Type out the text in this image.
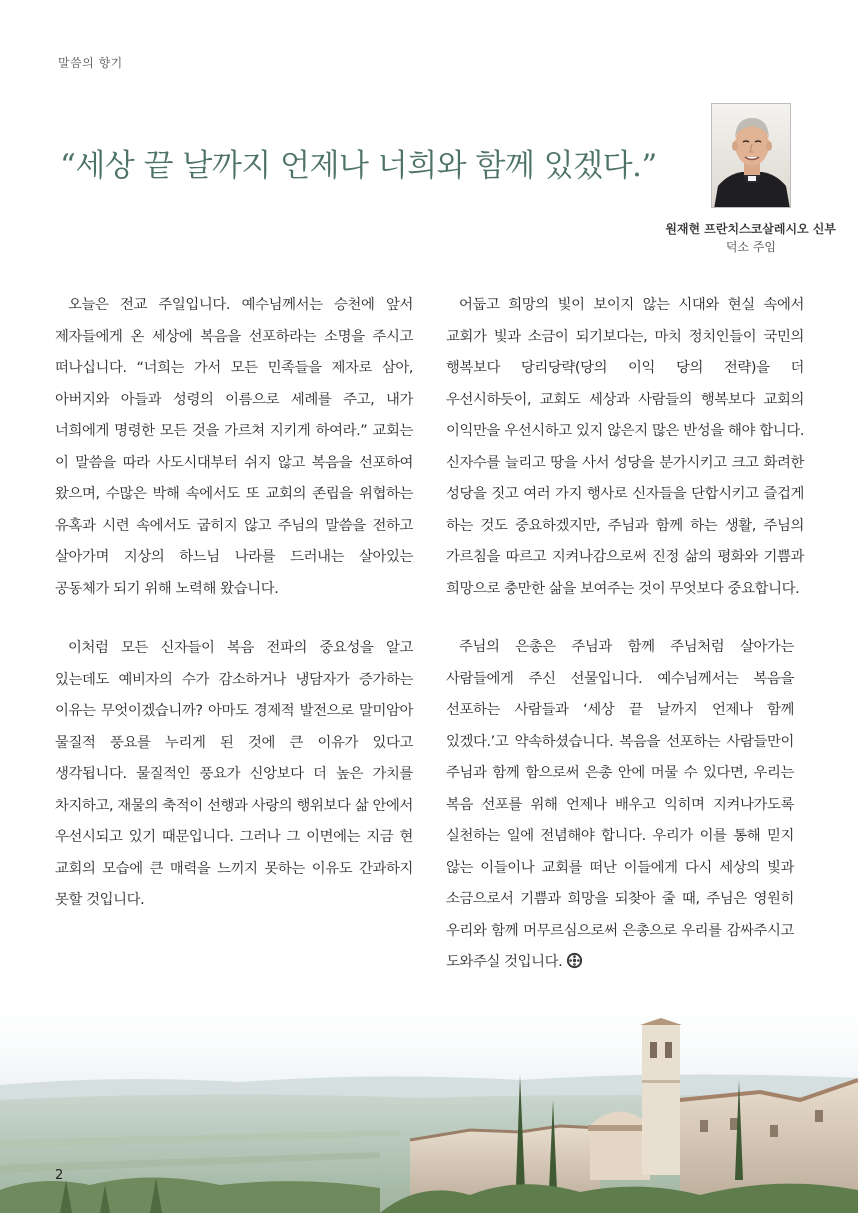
말씀의 향기
“세상 끝 날까지 언제나 너희와 함께 있겠다.”
원재현 프란치스코살레시오 신부
덕소 주임

오늘은 전교 주일입니다. 예수님께서는 승천에 앞서 제자들에게 온 세상에 복음을 선포하라는 소명을 주시고 떠나십니다. “너희는 가서 모든 민족들을 제자로 삼아, 아버지와 아들과 성령의 이름으로 세례를 주고, 내가 너희에게 명령한 모든 것을 가르쳐 지키게 하여라.” 교회는 이 말씀을 따라 사도시대부터 쉬지 않고 복음을 선포하여 왔으며, 수많은 박해 속에서도 또 교회의 존립을 위협하는 유혹과 시련 속에서도 굽히지 않고 주님의 말씀을 전하고 살아가며 지상의 하느님 나라를 드러내는 살아있는 공동체가 되기 위해 노력해 왔습니다.

이처럼 모든 신자들이 복음 전파의 중요성을 알고 있는데도 예비자의 수가 감소하거나 냉담자가 증가하는 이유는 무엇이겠습니까? 아마도 경제적 발전으로 말미암아 물질적 풍요를 누리게 된 것에 큰 이유가 있다고 생각됩니다. 물질적인 풍요가 신앙보다 더 높은 가치를 차지하고, 재물의 축적이 선행과 사랑의 행위보다 삶 안에서 우선시되고 있기 때문입니다. 그러나 그 이면에는 지금 현 교회의 모습에 큰 매력을 느끼지 못하는 이유도 간과하지 못할 것입니다.

어둡고 희망의 빛이 보이지 않는 시대와 현실 속에서 교회가 빛과 소금이 되기보다는, 마치 정치인들이 국민의 행복보다 당리당략(당의 이익 당의 전략)을 더 우선시하듯이, 교회도 세상과 사람들의 행복보다 교회의 이익만을 우선시하고 있지 않은지 많은 반성을 해야 합니다. 신자수를 늘리고 땅을 사서 성당을 분가시키고 크고 화려한 성당을 짓고 여러 가지 행사로 신자들을 단합시키고 즐겁게 하는 것도 중요하겠지만, 주님과 함께 하는 생활, 주님의 가르침을 따르고 지켜나감으로써 진정 삶의 평화와 기쁨과 희망으로 충만한 삶을 보여주는 것이 무엇보다 중요합니다.

주님의 은총은 주님과 함께 주님처럼 살아가는 사람들에게 주신 선물입니다. 예수님께서는 복음을 선포하는 사람들과 ‘세상 끝 날까지 언제나 함께 있겠다.’고 약속하셨습니다. 복음을 선포하는 사람들만이 주님과 함께 함으로써 은총 안에 머물 수 있다면, 우리는 복음 선포를 위해 언제나 배우고 익히며 지켜나가도록 실천하는 일에 전념해야 합니다. 우리가 이를 통해 믿지 않는 이들이나 교회를 떠난 이들에게 다시 세상의 빛과 소금으로서 기쁨과 희망을 되찾아 줄 때, 주님은 영원히 우리와 함께 머무르심으로써 은총으로 우리를 감싸주시고 도와주실 것입니다.

2
